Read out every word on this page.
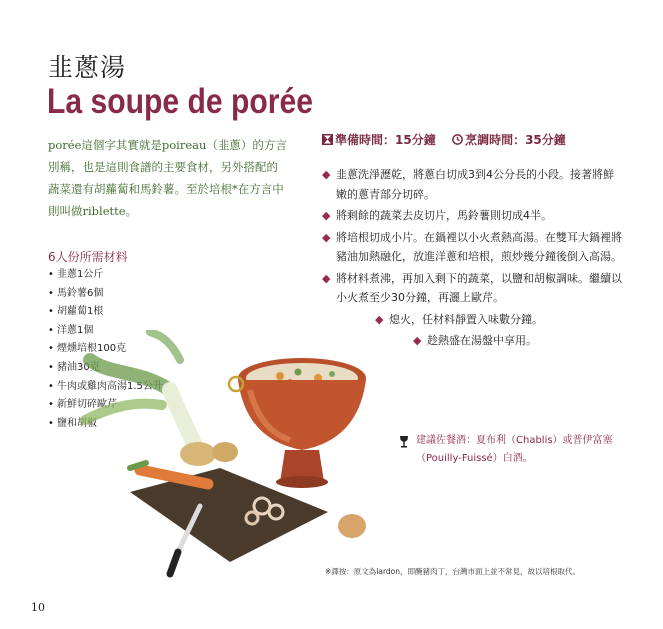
韭蔥湯
La soupe de porée
porée這個字其實就是poireau（韭蔥）的方言別稱，也是這則食譜的主要食材，另外搭配的蔬菜還有胡蘿蔔和馬鈴薯。至於培根*在方言中則叫做riblette。
6人份所需材料
• 韭蔥1公斤
• 馬鈴薯6個
• 胡蘿蔔1根
• 洋蔥1個
• 煙燻培根100克
• 豬油30克
• 牛肉或雞肉高湯1.5公升
• 新鮮切碎歐芹
• 鹽和胡椒
準備時間：15分鐘 烹調時間：35分鐘
◆ 韭蔥洗淨瀝乾，將蔥白切成3到4公分長的小段。接著將鮮嫩的蔥青部分切碎。
◆ 將剩餘的蔬菜去皮切片，馬鈴薯則切成4半。
◆ 將培根切成小片。在鍋裡以小火煮熱高湯。在雙耳大鍋裡將豬油加熱融化，放進洋蔥和培根，煎炒幾分鐘後倒入高湯。
◆ 將材料煮沸，再加入剩下的蔬菜，以鹽和胡椒調味。繼續以小火煮至少30分鐘，再灑上歐芹。
◆ 熄火，任材料靜置入味數分鐘。
◆ 趁熱盛在湯盤中享用。
建議佐餐酒：夏布利（Chablis）或普伊富塞（Pouilly-Fuissé）白酒。
※譯按：原文為lardon，即醃豬肉丁，台灣市面上並不常見，故以培根取代。
10
